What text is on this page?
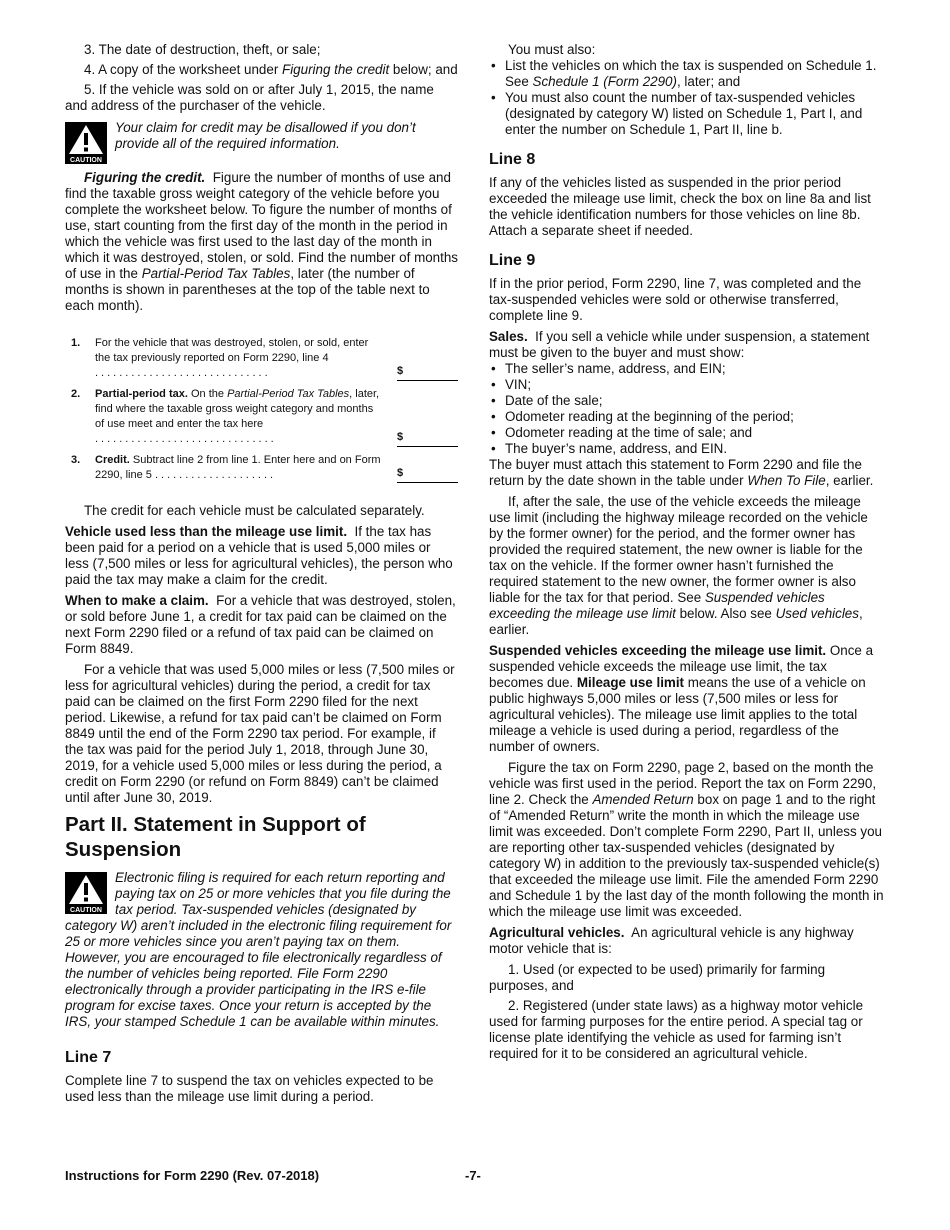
3. The date of destruction, theft, or sale;

4. A copy of the worksheet under Figuring the credit below; and

5. If the vehicle was sold on or after July 1, 2015, the name and address of the purchaser of the vehicle.

CAUTION
Your claim for credit may be disallowed if you don’t provide all of the required information.

Figuring the credit. Figure the number of months of use and find the taxable gross weight category of the vehicle before you complete the worksheet below. To figure the number of months of use, start counting from the first day of the month in the period in which the vehicle was first used to the last day of the month in which it was destroyed, stolen, or sold. Find the number of months of use in the Partial-Period Tax Tables, later (the number of months is shown in parentheses at the top of the table next to each month).

1.	For the vehicle that was destroyed, stolen, or sold, enter the tax previously reported on Form 2290, line 4 .............................	$
2.	Partial-period tax. On the Partial-Period Tax Tables, later, find where the taxable gross weight category and months of use meet and enter the tax here ..............................	$
3.	Credit. Subtract line 2 from line 1. Enter here and on Form 2290, line 5 ....................	$

The credit for each vehicle must be calculated separately.

Vehicle used less than the mileage use limit. If the tax has been paid for a period on a vehicle that is used 5,000 miles or less (7,500 miles or less for agricultural vehicles), the person who paid the tax may make a claim for the credit.

When to make a claim. For a vehicle that was destroyed, stolen, or sold before June 1, a credit for tax paid can be claimed on the next Form 2290 filed or a refund of tax paid can be claimed on Form 8849.

For a vehicle that was used 5,000 miles or less (7,500 miles or less for agricultural vehicles) during the period, a credit for tax paid can be claimed on the first Form 2290 filed for the next period. Likewise, a refund for tax paid can’t be claimed on Form 8849 until the end of the Form 2290 tax period. For example, if the tax was paid for the period July 1, 2018, through June 30, 2019, for a vehicle used 5,000 miles or less during the period, a credit on Form 2290 (or refund on Form 8849) can’t be claimed until after June 30, 2019.

Part II. Statement in Support of Suspension
CAUTION
Electronic filing is required for each return reporting and paying tax on 25 or more vehicles that you file during the tax period. Tax-suspended vehicles (designated by category W) aren’t included in the electronic filing requirement for 25 or more vehicles since you aren’t paying tax on them. However, you are encouraged to file electronically regardless of the number of vehicles being reported. File Form 2290 electronically through a provider participating in the IRS e-file program for excise taxes. Once your return is accepted by the IRS, your stamped Schedule 1 can be available within minutes.
Line 7

Complete line 7 to suspend the tax on vehicles expected to be used less than the mileage use limit during a period.

You must also:

• List the vehicles on which the tax is suspended on Schedule 1. See Schedule 1 (Form 2290), later; and
• You must also count the number of tax-suspended vehicles (designated by category W) listed on Schedule 1, Part I, and enter the number on Schedule 1, Part II, line b.
Line 8

If any of the vehicles listed as suspended in the prior period exceeded the mileage use limit, check the box on line 8a and list the vehicle identification numbers for those vehicles on line 8b. Attach a separate sheet if needed.

Line 9

If in the prior period, Form 2290, line 7, was completed and the tax-suspended vehicles were sold or otherwise transferred, complete line 9.

Sales. If you sell a vehicle while under suspension, a statement must be given to the buyer and must show:

• The seller’s name, address, and EIN;
• VIN;
• Date of the sale;
• Odometer reading at the beginning of the period;
• Odometer reading at the time of sale; and
• The buyer’s name, address, and EIN.

The buyer must attach this statement to Form 2290 and file the return by the date shown in the table under When To File, earlier.

If, after the sale, the use of the vehicle exceeds the mileage use limit (including the highway mileage recorded on the vehicle by the former owner) for the period, and the former owner has provided the required statement, the new owner is liable for the tax on the vehicle. If the former owner hasn’t furnished the required statement to the new owner, the former owner is also liable for the tax for that period. See Suspended vehicles exceeding the mileage use limit below. Also see Used vehicles, earlier.

Suspended vehicles exceeding the mileage use limit. Once a suspended vehicle exceeds the mileage use limit, the tax becomes due. Mileage use limit means the use of a vehicle on public highways 5,000 miles or less (7,500 miles or less for agricultural vehicles). The mileage use limit applies to the total mileage a vehicle is used during a period, regardless of the number of owners.

Figure the tax on Form 2290, page 2, based on the month the vehicle was first used in the period. Report the tax on Form 2290, line 2. Check the Amended Return box on page 1 and to the right of “Amended Return” write the month in which the mileage use limit was exceeded. Don’t complete Form 2290, Part II, unless you are reporting other tax-suspended vehicles (designated by category W) in addition to the previously tax-suspended vehicle(s) that exceeded the mileage use limit. File the amended Form 2290 and Schedule 1 by the last day of the month following the month in which the mileage use limit was exceeded.

Agricultural vehicles. An agricultural vehicle is any highway motor vehicle that is:

1. Used (or expected to be used) primarily for farming purposes, and

2. Registered (under state laws) as a highway motor vehicle used for farming purposes for the entire period. A special tag or license plate identifying the vehicle as used for farming isn’t required for it to be considered an agricultural vehicle.

Instructions for Form 2290 (Rev. 07-2018)	-7-
